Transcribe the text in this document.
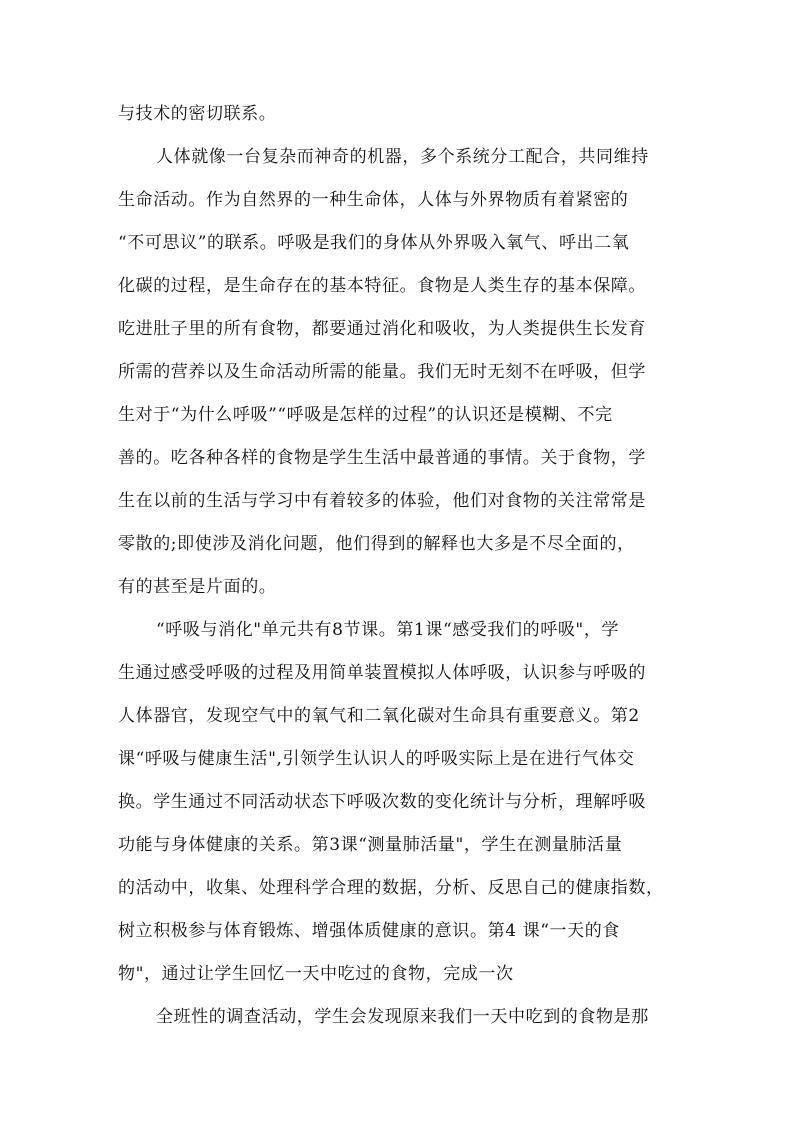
与技术的密切联系。
人体就像一台复杂而神奇的机器，多个系统分工配合，共同维持
生命活动。作为自然界的一种生命体，人体与外界物质有着紧密的
“不可思议”的联系。呼吸是我们的身体从外界吸入氧气、呼出二氧
化碳的过程，是生命存在的基本特征。食物是人类生存的基本保障。
吃进肚子里的所有食物，都要通过消化和吸收，为人类提供生长发育
所需的营养以及生命活动所需的能量。我们无时无刻不在呼吸，但学
生对于“为什么呼吸”“呼吸是怎样的过程”的认识还是模糊、不完
善的。吃各种各样的食物是学生生活中最普通的事情。关于食物，学
生在以前的生活与学习中有着较多的体验，他们对食物的关注常常是
零散的;即使涉及消化问题，他们得到的解释也大多是不尽全面的，
有的甚至是片面的。
“呼吸与消化"单元共有8节课。第1课“感受我们的呼吸"，学
生通过感受呼吸的过程及用简单装置模拟人体呼吸，认识参与呼吸的
人体器官，发现空气中的氧气和二氧化碳对生命具有重要意义。第2
课“呼吸与健康生活",引领学生认识人的呼吸实际上是在进行气体交
换。学生通过不同活动状态下呼吸次数的变化统计与分析，理解呼吸
功能与身体健康的关系。第3课“测量肺活量"，学生在测量肺活量
的活动中，收集、处理科学合理的数据，分析、反思自己的健康指数，
树立积极参与体育锻炼、增强体质健康的意识。第4 课“一天的食
物"，通过让学生回忆一天中吃过的食物，完成一次
全班性的调查活动，学生会发现原来我们一天中吃到的食物是那
